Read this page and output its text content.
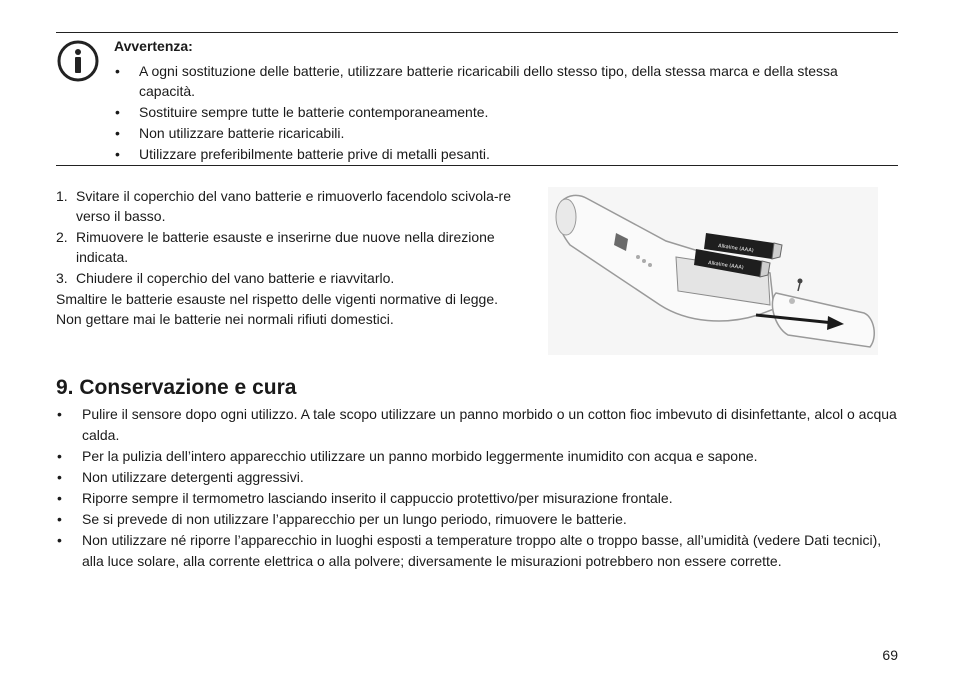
Avvertenza:
• A ogni sostituzione delle batterie, utilizzare batterie ricaricabili dello stesso tipo, della stessa marca e della stessa capacità.
• Sostituire sempre tutte le batterie contemporaneamente.
• Non utilizzare batterie ricaricabili.
• Utilizzare preferibilmente batterie prive di metalli pesanti.
1. Svitare il coperchio del vano batterie e rimuoverlo facendolo scivola-re verso il basso.
2. Rimuovere le batterie esauste e inserirne due nuove nella direzione indicata.
3. Chiudere il coperchio del vano batterie e riavvitarlo.

Smaltire le batterie esauste nel rispetto delle vigenti normative di legge.

Non gettare mai le batterie nei normali rifiuti domestici.

Alkaline (AAA)
Alkaline (AAA)
9. Conservazione e cura
• Pulire il sensore dopo ogni utilizzo. A tale scopo utilizzare un panno morbido o un cotton fioc imbevuto di disinfettante, alcol o acqua calda.
• Per la pulizia dell’intero apparecchio utilizzare un panno morbido leggermente inumidito con acqua e sapone.
• Non utilizzare detergenti aggressivi.
• Riporre sempre il termometro lasciando inserito il cappuccio protettivo/per misurazione frontale.
• Se si prevede di non utilizzare l’apparecchio per un lungo periodo, rimuovere le batterie.
• Non utilizzare né riporre l’apparecchio in luoghi esposti a temperature troppo alte o troppo basse, all’umidità (vedere Dati tecnici), alla luce solare, alla corrente elettrica o alla polvere; diversamente le misurazioni potrebbero non essere corrette.
69
